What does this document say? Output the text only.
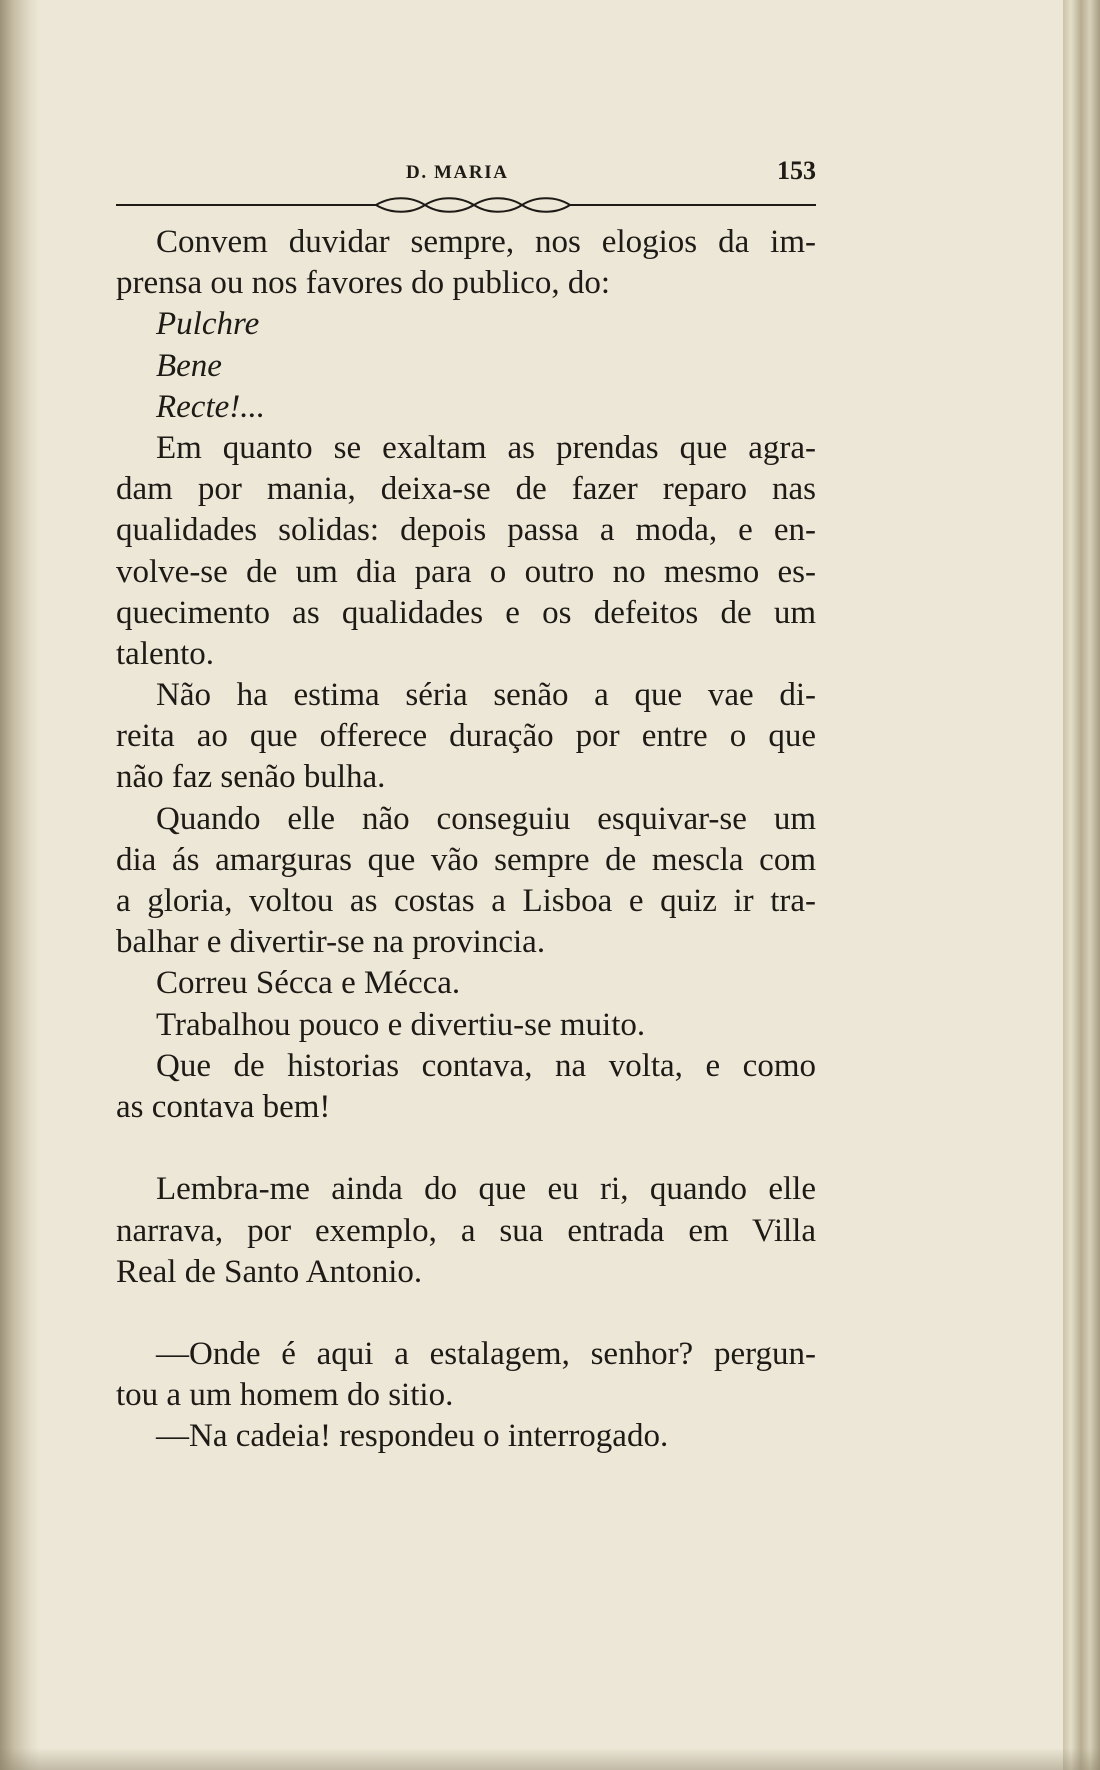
D. MARIA	153
Convem duvidar sempre, nos elogios da im-
prensa ou nos favores do publico, do:
Pulchre
Bene
Recte!...
Em quanto se exaltam as prendas que agra-
dam por mania, deixa-se de fazer reparo nas
qualidades solidas: depois passa a moda, e en-
volve-se de um dia para o outro no mesmo es-
quecimento as qualidades e os defeitos de um
talento.
Não ha estima séria senão a que vae di-
reita ao que offerece duração por entre o que
não faz senão bulha.
Quando elle não conseguiu esquivar-se um
dia ás amarguras que vão sempre de mescla com
a gloria, voltou as costas a Lisboa e quiz ir tra-
balhar e divertir-se na provincia.
Correu Sécca e Mécca.
Trabalhou pouco e divertiu-se muito.
Que de historias contava, na volta, e como
as contava bem!
Lembra-me ainda do que eu ri, quando elle
narrava, por exemplo, a sua entrada em Villa
Real de Santo Antonio.
—Onde é aqui a estalagem, senhor? pergun-
tou a um homem do sitio.
—Na cadeia! respondeu o interrogado.
